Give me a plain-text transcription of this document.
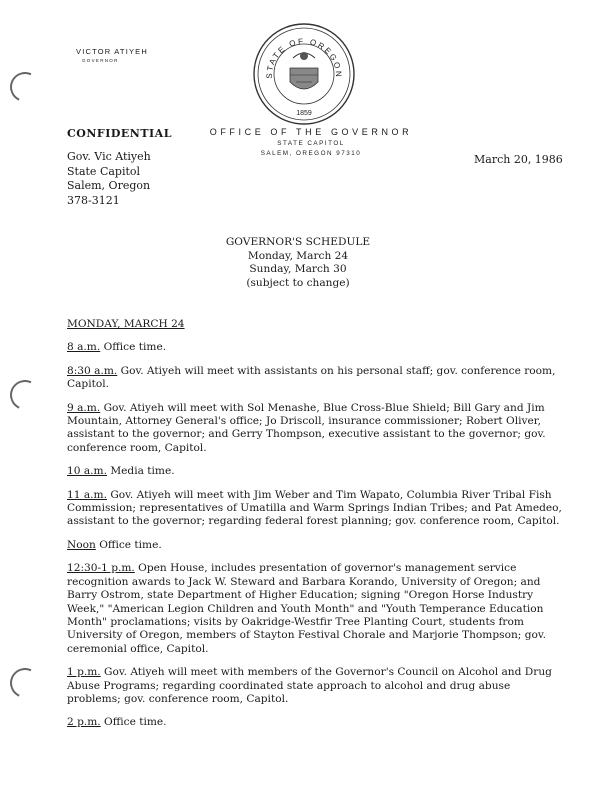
VICTOR ATIYEH
GOVERNOR
STATE OF OREGON
1859
OFFICE OF THE GOVERNOR
STATE CAPITOL
SALEM, OREGON 97310
CONFIDENTIAL
Gov. Vic Atiyeh
State Capitol
Salem, Oregon
378-3121
March 20, 1986
GOVERNOR'S SCHEDULE
Monday, March 24
Sunday, March 30
(subject to change)
MONDAY, MARCH 24
8 a.m. Office time.
8:30 a.m. Gov. Atiyeh will meet with assistants on his personal staff; gov. conference room, Capitol.
9 a.m. Gov. Atiyeh will meet with Sol Menashe, Blue Cross-Blue Shield; Bill Gary and Jim Mountain, Attorney General's office; Jo Driscoll, insurance commissioner; Robert Oliver, assistant to the governor; and Gerry Thompson, executive assistant to the governor; gov. conference room, Capitol.
10 a.m. Media time.
11 a.m. Gov. Atiyeh will meet with Jim Weber and Tim Wapato, Columbia River Tribal Fish Commission; representatives of Umatilla and Warm Springs Indian Tribes; and Pat Amedeo, assistant to the governor; regarding federal forest planning; gov. conference room, Capitol.
Noon Office time.
12:30-1 p.m. Open House, includes presentation of governor's management service recognition awards to Jack W. Steward and Barbara Korando, University of Oregon; and Barry Ostrom, state Department of Higher Education; signing "Oregon Horse Industry Week," "American Legion Children and Youth Month" and "Youth Temperance Education Month" proclamations; visits by Oakridge-Westfir Tree Planting Court, students from University of Oregon, members of Stayton Festival Chorale and Marjorie Thompson; gov. ceremonial office, Capitol.
1 p.m. Gov. Atiyeh will meet with members of the Governor's Council on Alcohol and Drug Abuse Programs; regarding coordinated state approach to alcohol and drug abuse problems; gov. conference room, Capitol.
2 p.m. Office time.
